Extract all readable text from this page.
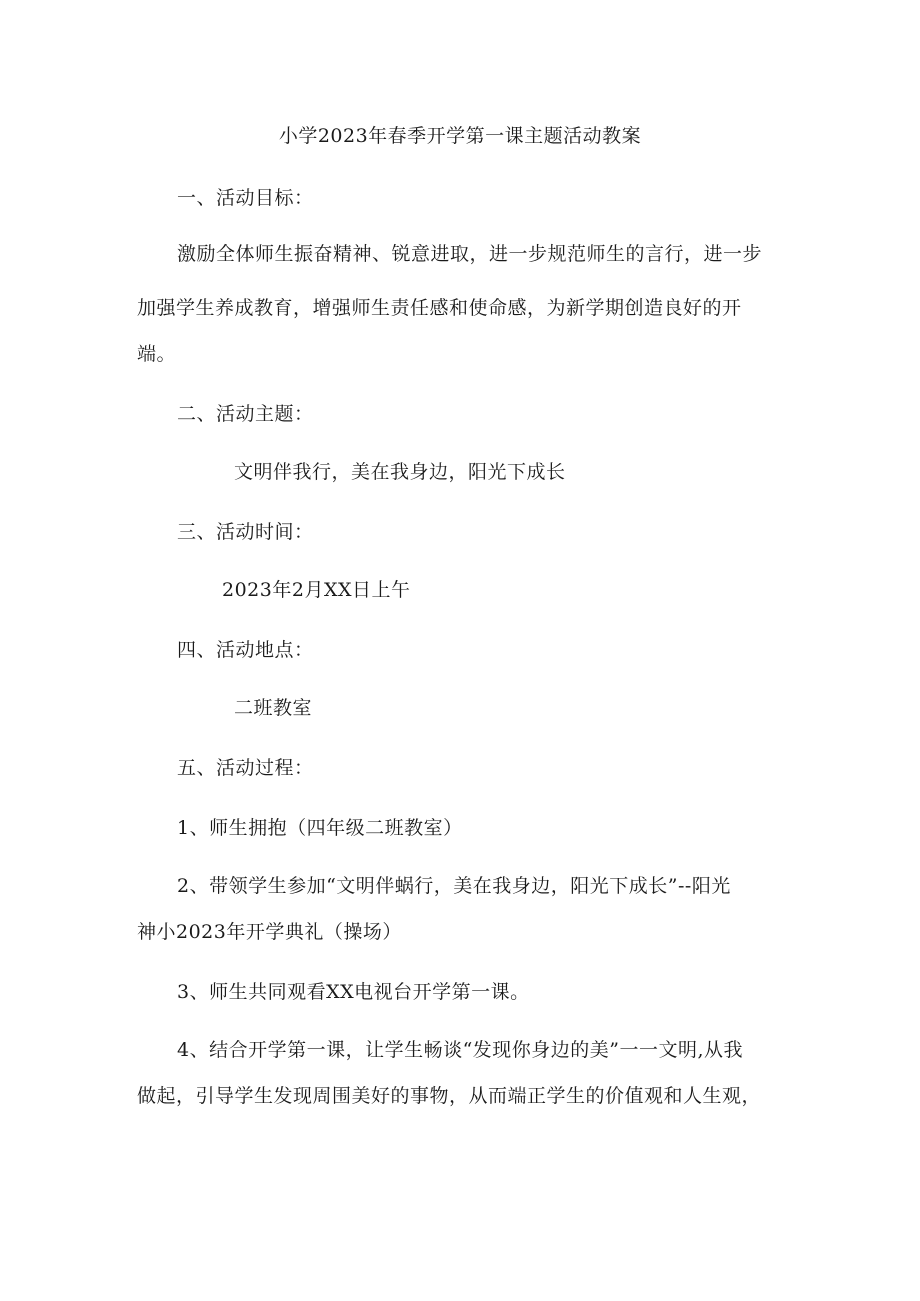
小学2023年春季开学第一课主题活动教案

一、活动目标：

激励全体师生振奋精神、锐意进取，进一步规范师生的言行，进一步

加强学生养成教育，增强师生责任感和使命感，为新学期创造良好的开

端。

二、活动主题：

文明伴我行，美在我身边，阳光下成长

三、活动时间：

2023年2月XX日上午

四、活动地点：

二班教室

五、活动过程：

1、师生拥抱（四年级二班教室）

2、带领学生参加“文明伴蜗行，美在我身边，阳光下成长”--阳光

神小2023年开学典礼（操场）

3、师生共同观看XX电视台开学第一课。

4、结合开学第一课，让学生畅谈“发现你身边的美”一一文明,从我

做起，引导学生发现周围美好的事物，从而端正学生的价值观和人生观，
